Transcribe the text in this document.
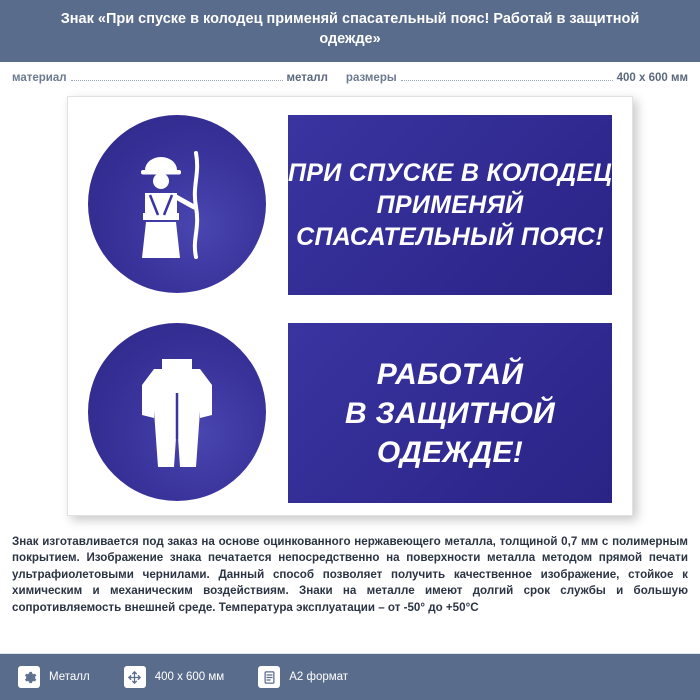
Знак «При спуске в колодец применяй спасательный пояс! Работай в защитной одежде»
материал	металл размеры	400 х 600 мм
ПРИ СПУСКЕ В КОЛОДЕЦ
ПРИМЕНЯЙ
СПАСАТЕЛЬНЫЙ ПОЯС!
РАБОТАЙ
В ЗАЩИТНОЙ
ОДЕЖДЕ!
Знак изготавливается под заказ на основе оцинкованного нержавеющего металла, толщиной 0,7 мм с полимерным покрытием. Изображение знака печатается непосредственно на поверхности металла методом прямой печати ультрафиолетовыми чернилами. Данный способ позволяет получить качественное изображение, стойкое к химическим и механическим воздействиям. Знаки на металле имеют долгий срок службы и большую сопротивляемость внешней среде. Температура эксплуатации – от -50° до +50°C
Металл	400 х 600 мм	А2 формат
